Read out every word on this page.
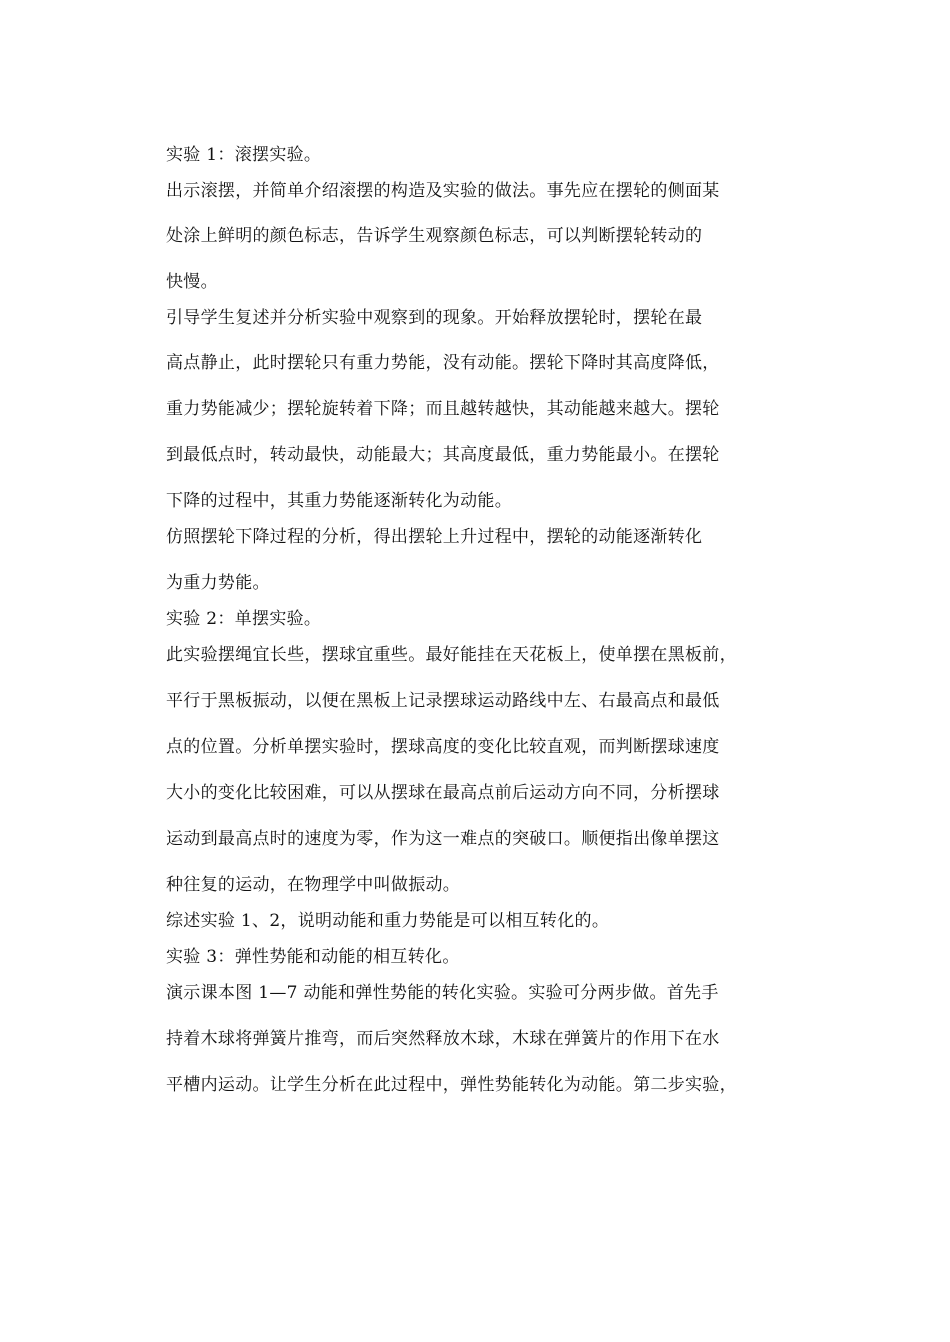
实验 1：滚摆实验。
出示滚摆，并简单介绍滚摆的构造及实验的做法。事先应在摆轮的侧面某
处涂上鲜明的颜色标志，告诉学生观察颜色标志，可以判断摆轮转动的
快慢。
引导学生复述并分析实验中观察到的现象。开始释放摆轮时，摆轮在最
高点静止，此时摆轮只有重力势能，没有动能。摆轮下降时其高度降低，
重力势能减少；摆轮旋转着下降；而且越转越快，其动能越来越大。摆轮
到最低点时，转动最快，动能最大；其高度最低，重力势能最小。在摆轮
下降的过程中，其重力势能逐渐转化为动能。
仿照摆轮下降过程的分析，得出摆轮上升过程中，摆轮的动能逐渐转化
为重力势能。
实验 2：单摆实验。
此实验摆绳宜长些，摆球宜重些。最好能挂在天花板上，使单摆在黑板前，
平行于黑板振动，以便在黑板上记录摆球运动路线中左、右最高点和最低
点的位置。分析单摆实验时，摆球高度的变化比较直观，而判断摆球速度
大小的变化比较困难，可以从摆球在最高点前后运动方向不同，分析摆球
运动到最高点时的速度为零，作为这一难点的突破口。顺便指出像单摆这
种往复的运动，在物理学中叫做振动。
综述实验 1、2，说明动能和重力势能是可以相互转化的。
实验 3：弹性势能和动能的相互转化。
演示课本图 1—7 动能和弹性势能的转化实验。实验可分两步做。首先手
持着木球将弹簧片推弯，而后突然释放木球，木球在弹簧片的作用下在水
平槽内运动。让学生分析在此过程中，弹性势能转化为动能。第二步实验，
